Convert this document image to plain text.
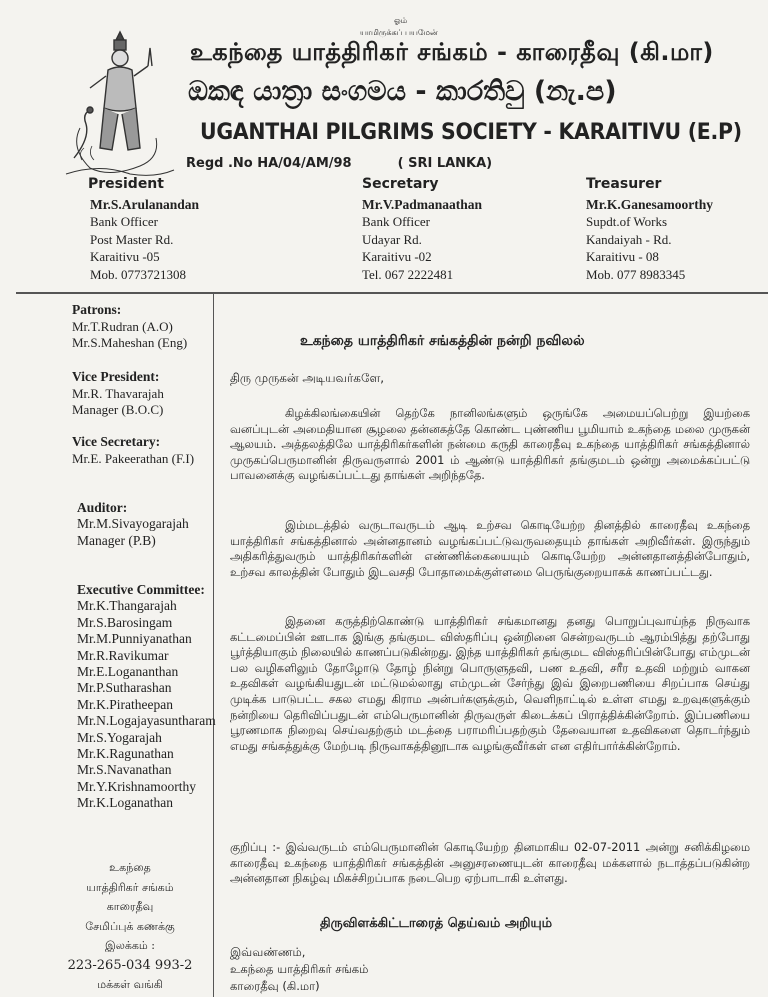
ஓம்
யாமிருக்கப் பயமேன்
உகந்தை யாத்திரிகர் சங்கம் - காரைதீவு (கி.மா)
ඔකඳ යාත්‍රා සංගමය - කාරතිවු (නැ.ප)
UGANTHAI PILGRIMS SOCIETY - KARAITIVU (E.P)
Regd .No HA/04/AM/98	( SRI LANKA)
President
Mr.S.Arulanandan
Bank Officer
Post Master Rd.
Karaitivu -05
Mob. 0773721308
Secretary
Mr.V.Padmanaathan
Bank Officer
Udayar Rd.
Karaitivu -02
Tel. 067 2222481
Treasurer
Mr.K.Ganesamoorthy
Supdt.of Works
Kandaiyah - Rd.
Karaitivu - 08
Mob. 077 8983345
Patrons:
Mr.T.Rudran (A.O)
Mr.S.Maheshan (Eng)
Vice President:
Mr.R. Thavarajah
Manager (B.O.C)
Vice Secretary:
Mr.E. Pakeerathan (F.I)
Auditor:
Mr.M.Sivayogarajah
Manager (P.B)
Executive Committee:
Mr.K.Thangarajah
Mr.S.Barosingam
Mr.M.Punniyanathan
Mr.R.Ravikumar
Mr.E.Logananthan
Mr.P.Sutharashan
Mr.K.Piratheepan
Mr.N.Logajayasuntharam
Mr.S.Yogarajah
Mr.K.Ragunathan
Mr.S.Navanathan
Mr.Y.Krishnamoorthy
Mr.K.Loganathan
உகந்தை
யாத்திரிகர் சங்கம்
காரைதீவு
சேமிப்புக் கணக்கு
இலக்கம் :
223-265-034 993-2
மக்கள் வங்கி
உகந்தை யாத்திரிகர் சங்கத்தின் நன்றி நவிலல்
திரு முருகன் அடியவர்களே,
கிழக்கிலங்கையின் தெற்கே நானிலங்களும் ஒருங்கே அமையப்பெற்று இயற்கை வனப்புடன் அமைதியான சூழலை தன்னகத்தே கொண்ட புண்ணிய பூமியாம் உகந்தை மலை முருகன் ஆலயம். அத்தலத்திலே யாத்திரிகர்களின் நன்மை கருதி காரைதீவு உகந்தை யாத்திரிகர் சங்கத்தினால் முருகப்பெருமானின் திருவருளால் 2001 ம் ஆண்டு யாத்திரிகர் தங்குமடம் ஒன்று அமைக்கப்பட்டு பாவனைக்கு வழங்கப்பட்டது தாங்கள் அறிந்ததே.
இம்மடத்தில் வருடாவருடம் ஆடி உற்சவ கொடியேற்ற தினத்தில் காரைதீவு உகந்தை யாத்திரிகர் சங்கத்தினால் அன்னதானம் வழங்கப்பட்டுவருவதையும் தாங்கள் அறிவீர்கள். இருந்தும் அதிகரித்துவரும் யாத்திரிகர்களின் எண்ணிக்கையையும் கொடியேற்ற அன்னதானத்தின்போதும், உற்சவ காலத்தின் போதும் இடவசதி போதாமைக்குள்ளமை பெருங்குறையாகக் காணப்பட்டது.
இதனை கருத்திற்கொண்டு யாத்திரிகர் சங்கமானது தனது பொறுப்புவாய்ந்த நிருவாக கட்டமைப்பின் ஊடாக இங்கு தங்குமட விஸ்தரிப்பு ஒன்றினை சென்றவருடம் ஆரம்பித்து தற்போது பூர்த்தியாகும் நிலையில் காணப்படுகின்றது. இந்த யாத்திரிகர் தங்குமட விஸ்தரிப்பின்போது எம்முடன் பல வழிகளிலும் தோழோடு தோழ் நின்று பொருளுதவி, பண உதவி, சரீர உதவி மற்றும் வாகன உதவிகள் வழங்கியதுடன் மட்டுமல்லாது எம்முடன் சேர்ந்து இவ் இறைபணியை சிறப்பாக செய்து முடிக்க பாடுபட்ட சகல எமது கிராம அன்பர்களுக்கும், வெளிநாட்டில் உள்ள எமது உறவுகளுக்கும் நன்றியை தெரிவிப்பதுடன் எம்பெருமானின் திருவருள் கிடைக்கப் பிராத்திக்கின்றோம். இப்பணியை பூரணமாக நிறைவு செய்வதற்கும் மடத்தை பராமரிப்பதற்கும் தேவையான உதவிகளை தொடர்ந்தும் எமது சங்கத்துக்கு மேற்படி நிருவாகத்தினூடாக வழங்குவீர்கள் என எதிர்பார்க்கின்றோம்.
குறிப்பு :- இவ்வருடம் எம்பெருமானின் கொடியேற்ற தினமாகிய 02-07-2011 அன்று சனிக்கிழமை காரைதீவு உகந்தை யாத்திரிகர் சங்கத்தின் அனுசரணையுடன் காரைதீவு மக்களால் நடாத்தப்படுகின்ற அன்னதான நிகழ்வு மிகச்சிறப்பாக நடைபெற ஏற்பாடாகி உள்ளது.
திருவிளக்கிட்டாரைத் தெய்வம் அறியும்
இவ்வண்ணம்,
உகந்தை யாத்திரிகர் சங்கம்
காரைதீவு (கி.மா)
